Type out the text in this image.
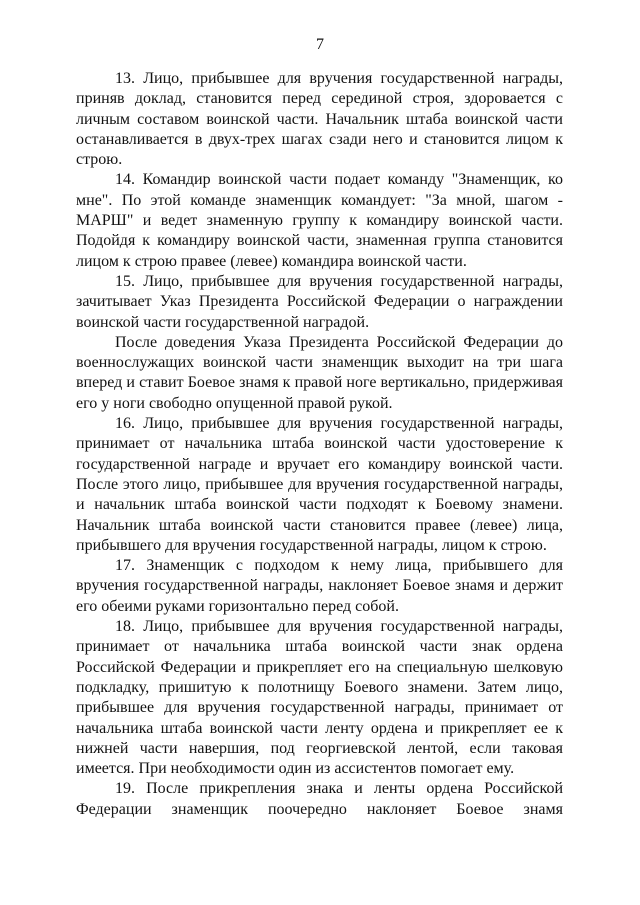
7

13. Лицо, прибывшее для вручения государственной награды, приняв доклад, становится перед серединой строя, здоровается с личным составом воинской части. Начальник штаба воинской части останавливается в двух-трех шагах сзади него и становится лицом к строю.

14. Командир воинской части подает команду "Знаменщик, ко мне". По этой команде знаменщик командует: "За мной, шагом - МАРШ" и ведет знаменную группу к командиру воинской части. Подойдя к командиру воинской части, знаменная группа становится лицом к строю правее (левее) командира воинской части.

15. Лицо, прибывшее для вручения государственной награды, зачитывает Указ Президента Российской Федерации о награждении воинской части государственной наградой.

После доведения Указа Президента Российской Федерации до военнослужащих воинской части знаменщик выходит на три шага вперед и ставит Боевое знамя к правой ноге вертикально, придерживая его у ноги свободно опущенной правой рукой.

16. Лицо, прибывшее для вручения государственной награды, принимает от начальника штаба воинской части удостоверение к государственной награде и вручает его командиру воинской части. После этого лицо, прибывшее для вручения государственной награды, и начальник штаба воинской части подходят к Боевому знамени. Начальник штаба воинской части становится правее (левее) лица, прибывшего для вручения государственной награды, лицом к строю.

17. Знаменщик с подходом к нему лица, прибывшего для вручения государственной награды, наклоняет Боевое знамя и держит его обеими руками горизонтально перед собой.

18. Лицо, прибывшее для вручения государственной награды, принимает от начальника штаба воинской части знак ордена Российской Федерации и прикрепляет его на специальную шелковую подкладку, пришитую к полотнищу Боевого знамени. Затем лицо, прибывшее для вручения государственной награды, принимает от начальника штаба воинской части ленту ордена и прикрепляет ее к нижней части навершия, под георгиевской лентой, если таковая имеется. При необходимости один из ассистентов помогает ему.

19. После прикрепления знака и ленты ордена Российской Федерации знаменщик поочередно наклоняет Боевое знамя
